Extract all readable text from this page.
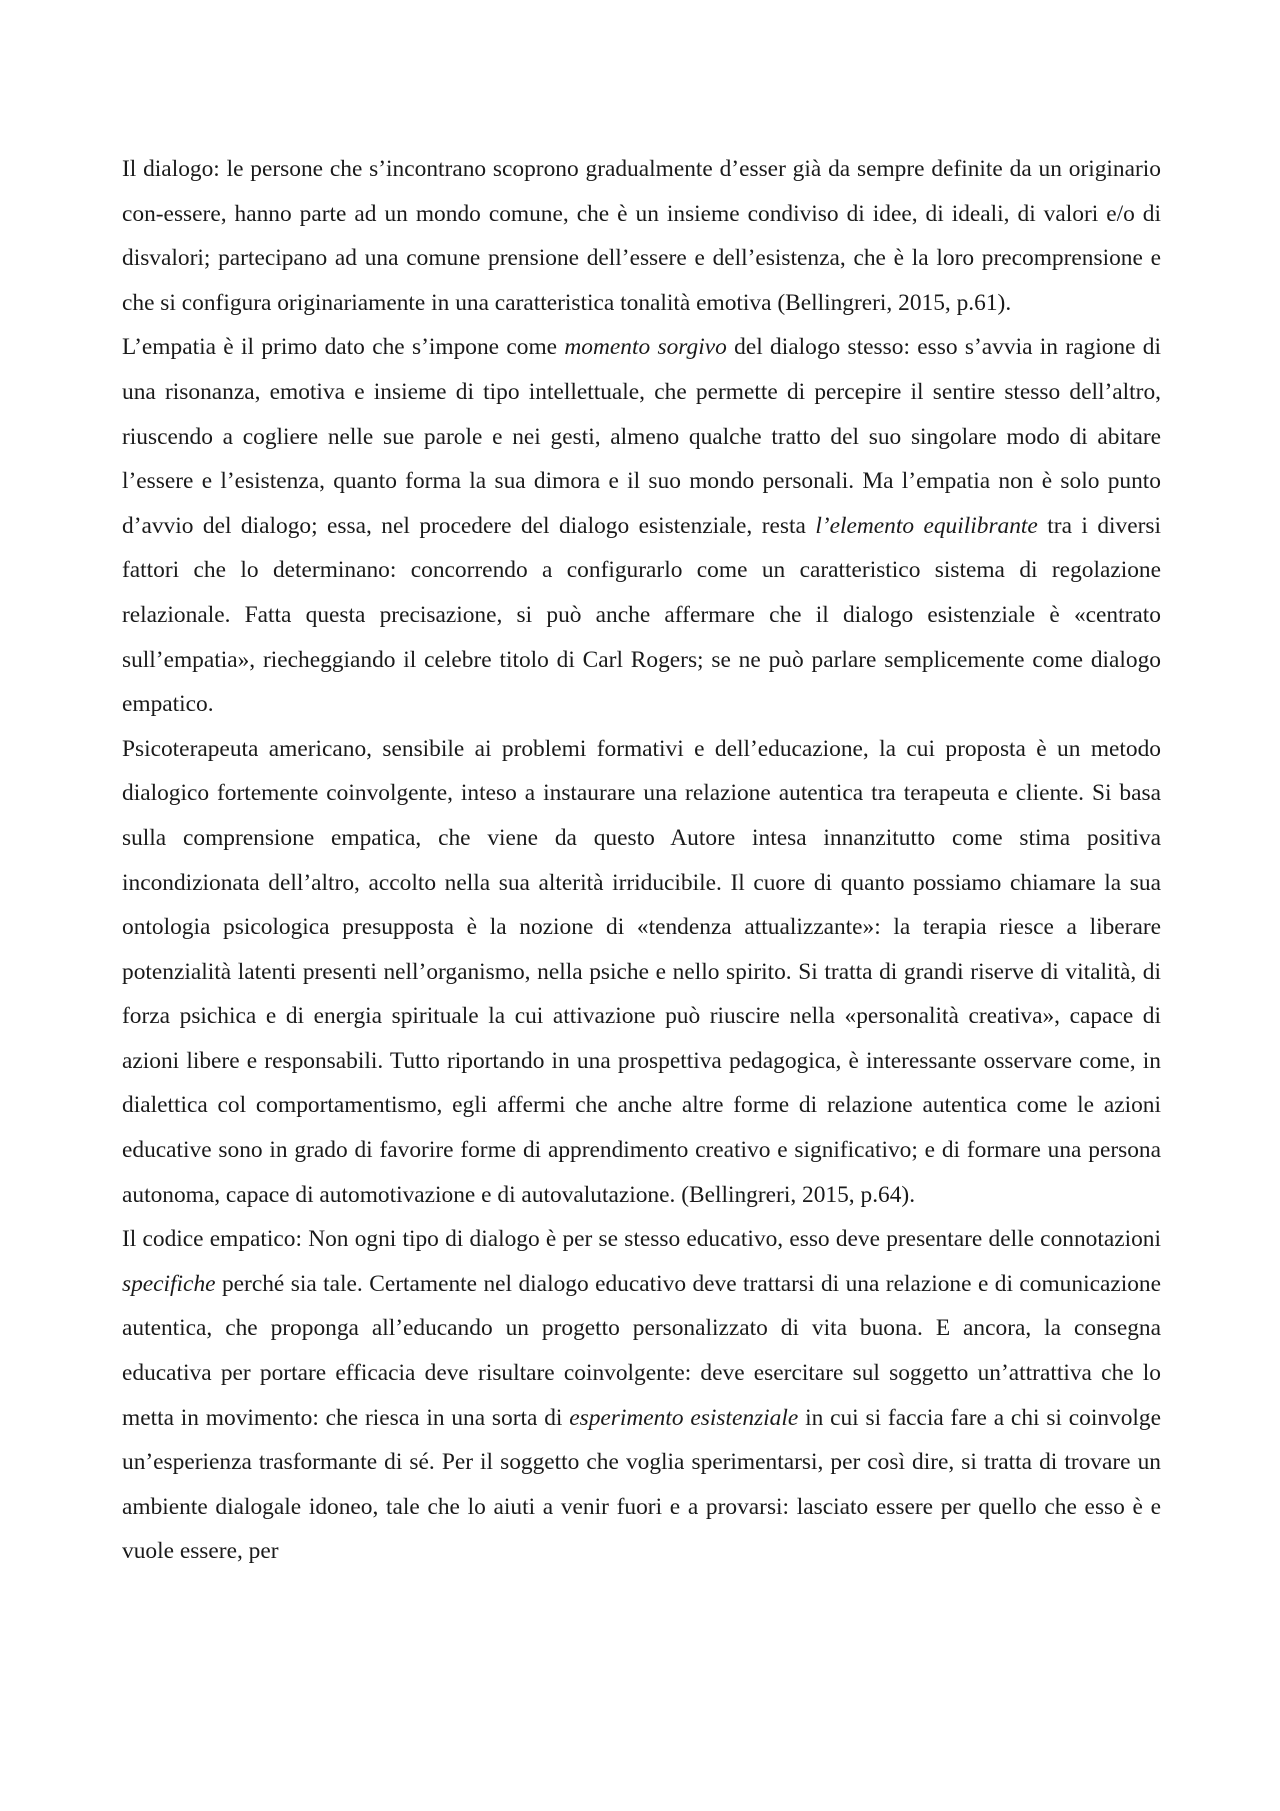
Il dialogo: le persone che s’incontrano scoprono gradualmente d’esser già da sempre definite da un originario con-essere, hanno parte ad un mondo comune, che è un insieme condiviso di idee, di ideali, di valori e/o di disvalori; partecipano ad una comune prensione dell’essere e dell’esistenza, che è la loro precomprensione e che si configura originariamente in una caratteristica tonalità emotiva (Bellingreri, 2015, p.61).

L’empatia è il primo dato che s’impone come momento sorgivo del dialogo stesso: esso s’avvia in ragione di una risonanza, emotiva e insieme di tipo intellettuale, che permette di percepire il sentire stesso dell’altro, riuscendo a cogliere nelle sue parole e nei gesti, almeno qualche tratto del suo singolare modo di abitare l’essere e l’esistenza, quanto forma la sua dimora e il suo mondo personali. Ma l’empatia non è solo punto d’avvio del dialogo; essa, nel procedere del dialogo esistenziale, resta l’elemento equilibrante tra i diversi fattori che lo determinano: concorrendo a configurarlo come un caratteristico sistema di regolazione relazionale. Fatta questa precisazione, si può anche affermare che il dialogo esistenziale è «centrato sull’empatia», riecheggiando il celebre titolo di Carl Rogers; se ne può parlare semplicemente come dialogo empatico.

Psicoterapeuta americano, sensibile ai problemi formativi e dell’educazione, la cui proposta è un metodo dialogico fortemente coinvolgente, inteso a instaurare una relazione autentica tra terapeuta e cliente. Si basa sulla comprensione empatica, che viene da questo Autore intesa innanzitutto come stima positiva incondizionata dell’altro, accolto nella sua alterità irriducibile. Il cuore di quanto possiamo chiamare la sua ontologia psicologica presupposta è la nozione di «tendenza attualizzante»: la terapia riesce a liberare potenzialità latenti presenti nell’organismo, nella psiche e nello spirito. Si tratta di grandi riserve di vitalità, di forza psichica e di energia spirituale la cui attivazione può riuscire nella «personalità creativa», capace di azioni libere e responsabili. Tutto riportando in una prospettiva pedagogica, è interessante osservare come, in dialettica col comportamentismo, egli affermi che anche altre forme di relazione autentica come le azioni educative sono in grado di favorire forme di apprendimento creativo e significativo; e di formare una persona autonoma, capace di automotivazione e di autovalutazione. (Bellingreri, 2015, p.64).

Il codice empatico: Non ogni tipo di dialogo è per se stesso educativo, esso deve presentare delle connotazioni specifiche perché sia tale. Certamente nel dialogo educativo deve trattarsi di una relazione e di comunicazione autentica, che proponga all’educando un progetto personalizzato di vita buona. E ancora, la consegna educativa per portare efficacia deve risultare coinvolgente: deve esercitare sul soggetto un’attrattiva che lo metta in movimento: che riesca in una sorta di esperimento esistenziale in cui si faccia fare a chi si coinvolge un’esperienza trasformante di sé. Per il soggetto che voglia sperimentarsi, per così dire, si tratta di trovare un ambiente dialogale idoneo, tale che lo aiuti a venir fuori e a provarsi: lasciato essere per quello che esso è e vuole essere, per
